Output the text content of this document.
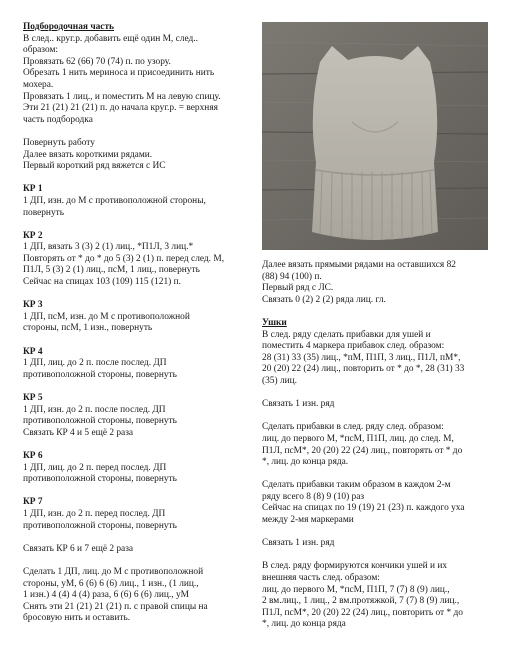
Подбородочная часть

В след.. круг.р. добавить ещё один М, след..

образом:

Провязать 62 (66) 70 (74) п. по узору.

Обрезать 1 нить мериноса и присоединить нить

мохера.

Провязать 1 лиц., и поместить М на левую спицу.

Эти 21 (21) 21 (21) п. до начала круг.р. = верхняя

часть подбородка

Повернуть работу

Далее вязать короткими рядами.

Первый короткий ряд вяжется с ИС

КР 1

1 ДП, изн. до М с противоположной стороны,

повернуть

КР 2

1 ДП, вязать 3 (3) 2 (1) лиц., *П1Л, 3 лиц.*

Повторять от * до * до 5 (3) 2 (1) п. перед след. М,

П1Л, 5 (3) 2 (1) лиц., псМ, 1 лиц., повернуть

Сейчас на спицах 103 (109) 115 (121) п.

КР 3

1 ДП, псМ, изн. до М с противоположной

стороны, псМ, 1 изн., повернуть

КР 4

1 ДП, лиц. до 2 п. после послед. ДП

противоположной стороны, повернуть

КР 5

1 ДП, изн. до 2 п. после послед. ДП

противоположной стороны, повернуть

Связать КР 4 и 5 ещё 2 раза

КР 6

1 ДП, лиц. до 2 п. перед послед. ДП

противоположной стороны, повернуть

КР 7

1 ДП, изн. до 2 п. перед послед. ДП

противоположной стороны, повернуть

Связать КР 6 и 7 ещё 2 раза

Сделать 1 ДП, лиц. до М с противоположной

стороны, уМ, 6 (6) 6 (6) лиц., 1 изн., (1 лиц.,

1 изн.) 4 (4) 4 (4) раза, 6 (6) 6 (6) лиц., уМ

Снять эти 21 (21) 21 (21) п. с правой спицы на

бросовую нить и оставить.

Далее вязать прямыми рядами на оставшихся 82

(88) 94 (100) п.

Первый ряд с ЛС.

Связать 0 (2) 2 (2) ряда лиц. гл.

Ушки

В след. ряду сделать прибавки для ушей и

поместить 4 маркера прибавок след. образом:

28 (31) 33 (35) лиц., *пМ, П1П, 3 лиц., П1Л, пМ*,

20 (20) 22 (24) лиц., повторить от * до *, 28 (31) 33

(35) лиц.

Связать 1 изн. ряд

Сделать прибавки в след. ряду след. образом:

лиц. до первого М, *псМ, П1П, лиц. до след. М,

П1Л, псМ*, 20 (20) 22 (24) лиц., повторять от * до

*, лиц. до конца ряда.

Сделать прибавки таким образом в каждом 2-м

ряду всего 8 (8) 9 (10) раз

Сейчас на спицах по 19 (19) 21 (23) п. каждого уха

между 2-мя маркерами

Связать 1 изн. ряд

В след. ряду формируются кончики ушей и их

внешняя часть след. образом:

лиц. до первого М, *псМ, П1П, 7 (7) 8 (9) лиц.,

2 вм.лиц., 1 лиц., 2 вм.протяжкой, 7 (7) 8 (9) лиц.,

П1Л, псМ*, 20 (20) 22 (24) лиц., повторить от * до

*, лиц. до конца ряда
